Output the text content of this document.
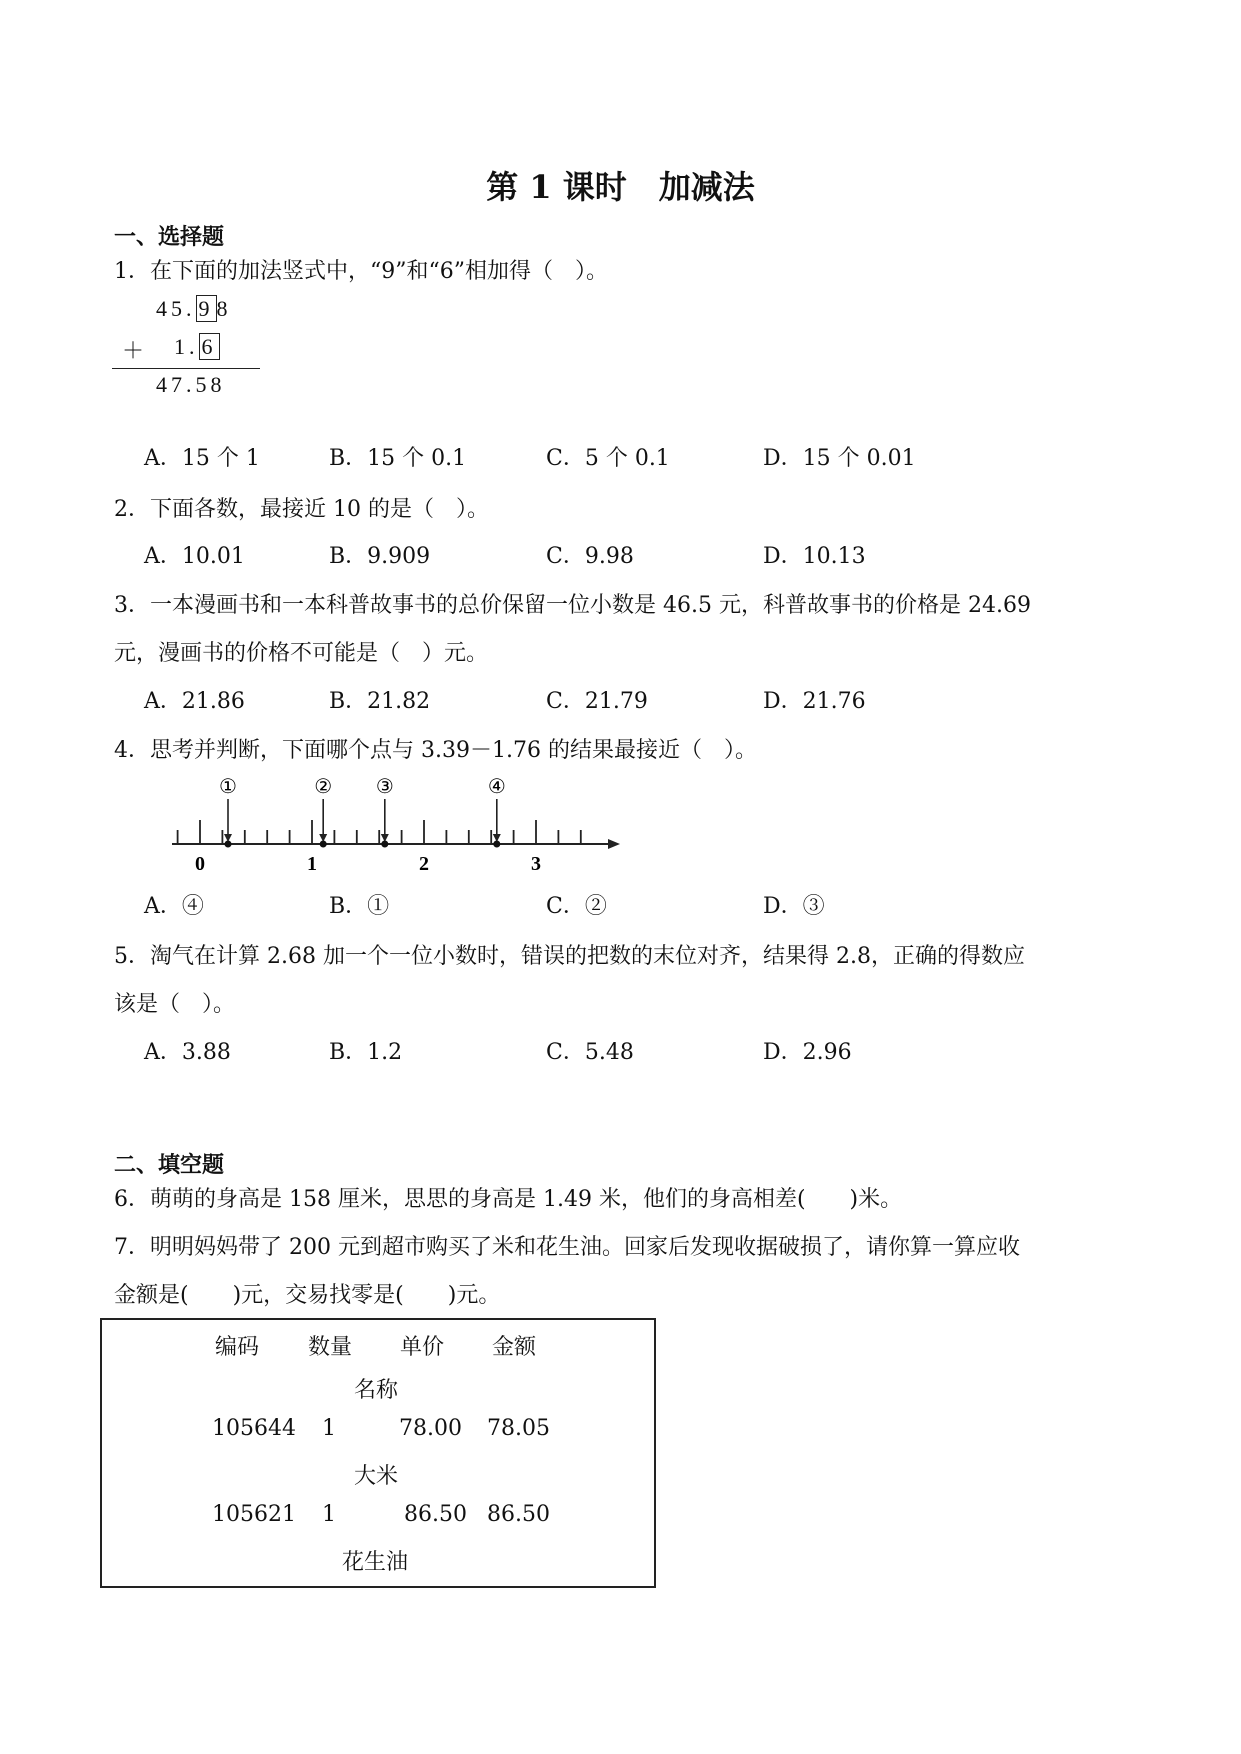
第 1 课时　加减法
一、选择题
1．在下面的加法竖式中，“9”和“6”相加得（　）。
45. 9 8
＋ 1. 6
47.58
A．15 个 1	B．15 个 0.1	C．5 个 0.1	D．15 个 0.01
2．下面各数，最接近 10 的是（　）。
A．10.01	B．9.909	C．9.98	D．10.13
3．一本漫画书和一本科普故事书的总价保留一位小数是 46.5 元，科普故事书的价格是 24.69
元，漫画书的价格不可能是（　）元。
A．21.86	B．21.82	C．21.79	D．21.76
4．思考并判断，下面哪个点与 3.39－1.76 的结果最接近（　）。
0	1	2	3
①	② ③	④
A．④	B．①	C．②	D．③
5．淘气在计算 2.68 加一个一位小数时，错误的把数的末位对齐，结果得 2.8，正确的得数应
该是（　）。
A．3.88	B．1.2	C．5.48	D．2.96
二、填空题
6．萌萌的身高是 158 厘米，思思的身高是 1.49 米，他们的身高相差(　　)米。
7．明明妈妈带了 200 元到超市购买了米和花生油。回家后发现收据破损了，请你算一算应收
金额是(　　)元，交易找零是(　　)元。
编码 数量 单价 金额
名称
105644 1	78.00 78.05
大米
105621 1	86.50 86.50
花生油
